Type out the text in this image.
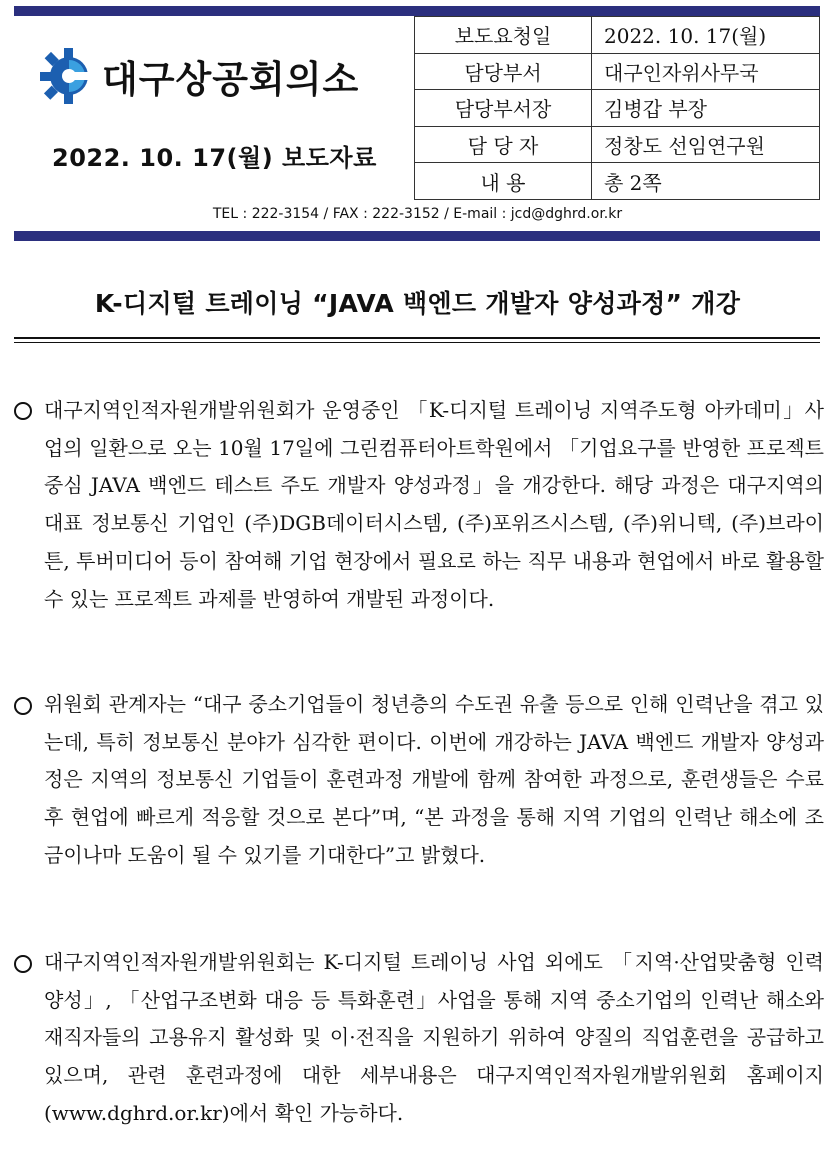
대구상공회의소
2022. 10. 17(월) 보도자료
보도요청일	2022. 10. 17(월)
담당부서	대구인자위사무국
담당부서장	김병갑 부장
담 당 자	정창도 선임연구원
내 용	총 2쪽
TEL : 222-3154 / FAX : 222-3152 / E-mail : jcd@dghrd.or.kr
K-디지털 트레이닝 “JAVA 백엔드 개발자 양성과정” 개강
대구지역인적자원개발위원회가 운영중인 「K-디지털 트레이닝 지역주도형 아카데미」사업의 일환으로 오는 10월 17일에 그린컴퓨터아트학원에서 「기업요구를 반영한 프로젝트 중심 JAVA 백엔드 테스트 주도 개발자 양성과정」을 개강한다. 해당 과정은 대구지역의 대표 정보통신 기업인 (주)DGB데이터시스템, (주)포위즈시스템, (주)위니텍, (주)브라이튼, 투버미디어 등이 참여해 기업 현장에서 필요로 하는 직무 내용과 현업에서 바로 활용할 수 있는 프로젝트 과제를 반영하여 개발된 과정이다.
위원회 관계자는 “대구 중소기업들이 청년층의 수도권 유출 등으로 인해 인력난을 겪고 있는데, 특히 정보통신 분야가 심각한 편이다. 이번에 개강하는 JAVA 백엔드 개발자 양성과정은 지역의 정보통신 기업들이 훈련과정 개발에 함께 참여한 과정으로, 훈련생들은 수료 후 현업에 빠르게 적응할 것으로 본다”며, “본 과정을 통해 지역 기업의 인력난 해소에 조금이나마 도움이 될 수 있기를 기대한다”고 밝혔다.
대구지역인적자원개발위원회는 K-디지털 트레이닝 사업 외에도 「지역·산업맞춤형 인력양성」, 「산업구조변화 대응 등 특화훈련」사업을 통해 지역 중소기업의 인력난 해소와 재직자들의 고용유지 활성화 및 이·전직을 지원하기 위하여 양질의 직업훈련을 공급하고 있으며, 관련 훈련과정에 대한 세부내용은 대구지역인적자원개발위원회 홈페이지(www.dghrd.or.kr)에서 확인 가능하다.
